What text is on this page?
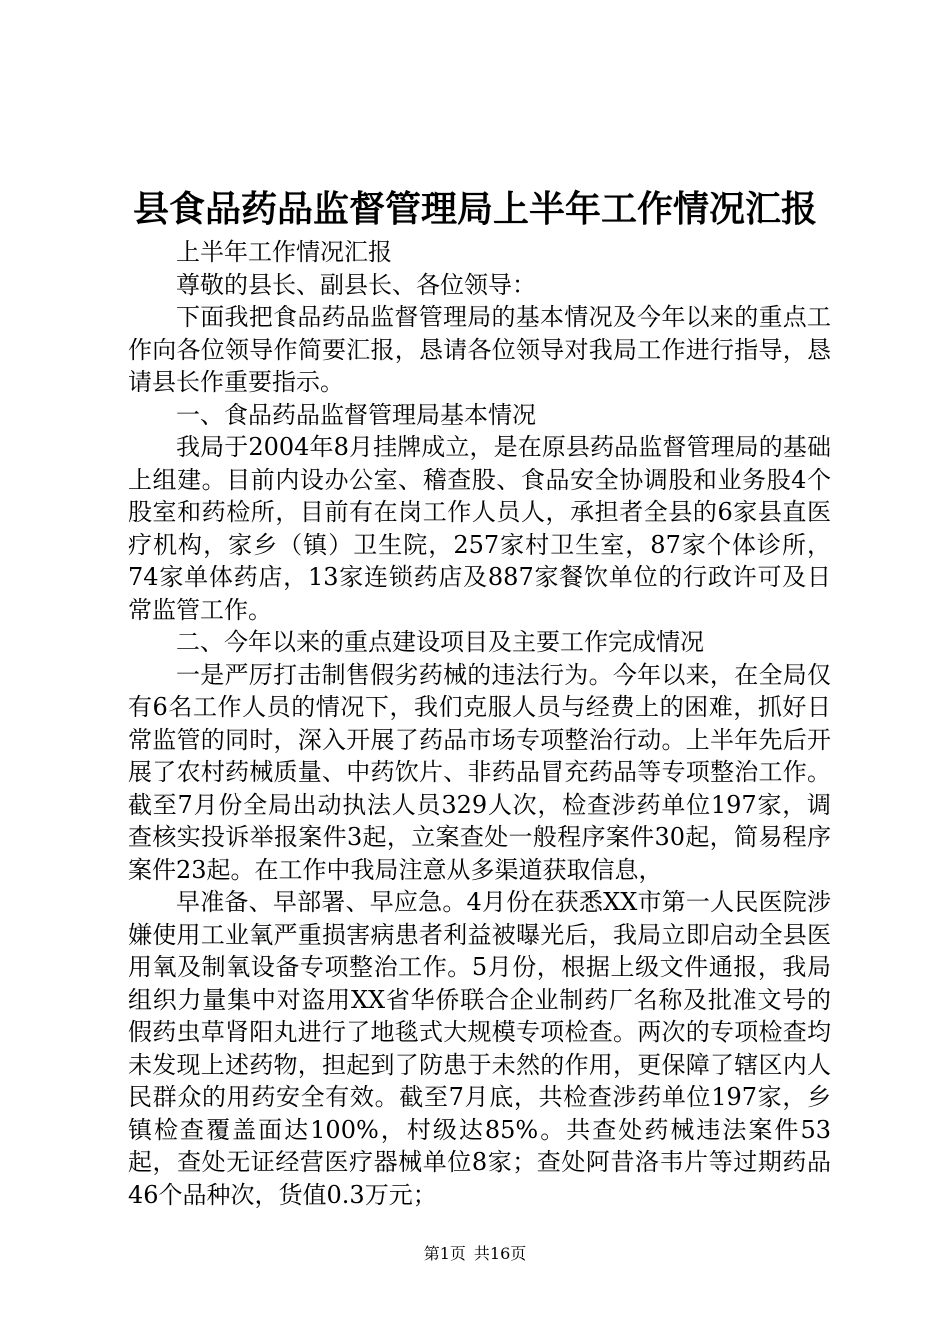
县食品药品监督管理局上半年工作情况汇报

上半年工作情况汇报

尊敬的县长、副县长、各位领导：

下面我把食品药品监督管理局的基本情况及今年以来的重点工作向各位领导作简要汇报，恳请各位领导对我局工作进行指导，恳请县长作重要指示。

一、食品药品监督管理局基本情况

我局于2004年8月挂牌成立，是在原县药品监督管理局的基础上组建。目前内设办公室、稽查股、食品安全协调股和业务股4个股室和药检所，目前有在岗工作人员人，承担者全县的6家县直医疗机构，家乡（镇）卫生院，257家村卫生室，87家个体诊所，74家单体药店，13家连锁药店及887家餐饮单位的行政许可及日常监管工作。

二、今年以来的重点建设项目及主要工作完成情况

一是严厉打击制售假劣药械的违法行为。今年以来，在全局仅有6名工作人员的情况下，我们克服人员与经费上的困难，抓好日常监管的同时，深入开展了药品市场专项整治行动。上半年先后开展了农村药械质量、中药饮片、非药品冒充药品等专项整治工作。截至7月份全局出动执法人员329人次，检查涉药单位197家，调查核实投诉举报案件3起，立案查处一般程序案件30起，简易程序案件23起。在工作中我局注意从多渠道获取信息，

早准备、早部署、早应急。4月份在获悉XX市第一人民医院涉嫌使用工业氧严重损害病患者利益被曝光后，我局立即启动全县医用氧及制氧设备专项整治工作。5月份，根据上级文件通报，我局组织力量集中对盗用XX省华侨联合企业制药厂名称及批准文号的假药虫草肾阳丸进行了地毯式大规模专项检查。两次的专项检查均未发现上述药物，担起到了防患于未然的作用，更保障了辖区内人民群众的用药安全有效。截至7月底，共检查涉药单位197家，乡镇检查覆盖面达100%，村级达85%。共查处药械违法案件53起，查处无证经营医疗器械单位8家；查处阿昔洛韦片等过期药品46个品种次，货值0.3万元；

第1页 共16页
